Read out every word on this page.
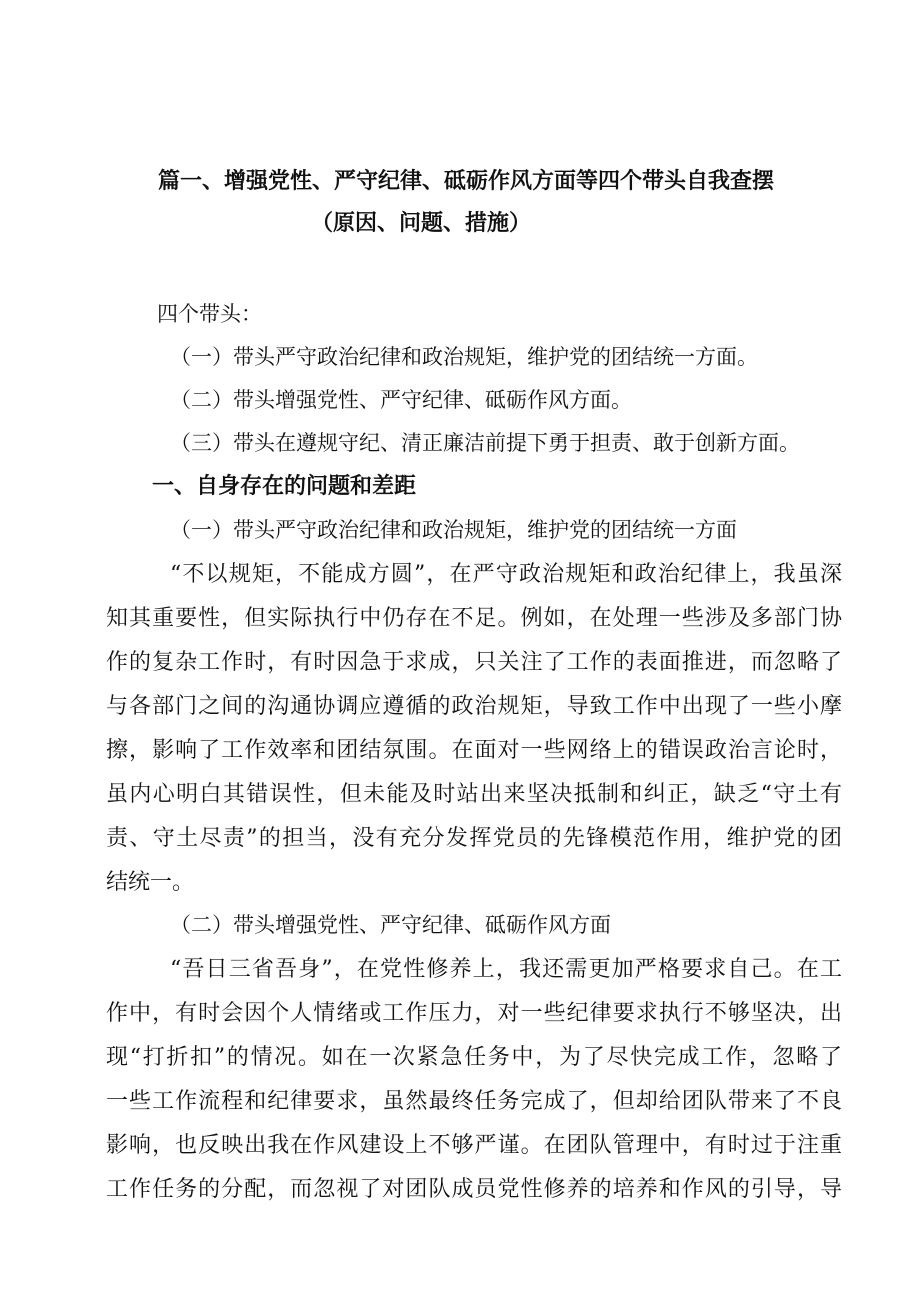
篇一、增强党性、严守纪律、砥砺作风方面等四个带头自我查摆
（原因、问题、措施）
四个带头：
（一）带头严守政治纪律和政治规矩，维护党的团结统一方面。
（二）带头增强党性、严守纪律、砥砺作风方面。
（三）带头在遵规守纪、清正廉洁前提下勇于担责、敢于创新方面。
一、自身存在的问题和差距
（一）带头严守政治纪律和政治规矩，维护党的团结统一方面
“不以规矩，不能成方圆”，在严守政治规矩和政治纪律上，我虽深
知其重要性，但实际执行中仍存在不足。例如，在处理一些涉及多部门协
作的复杂工作时，有时因急于求成，只关注了工作的表面推进，而忽略了
与各部门之间的沟通协调应遵循的政治规矩，导致工作中出现了一些小摩
擦，影响了工作效率和团结氛围。在面对一些网络上的错误政治言论时，
虽内心明白其错误性，但未能及时站出来坚决抵制和纠正，缺乏“守土有
责、守土尽责”的担当，没有充分发挥党员的先锋模范作用，维护党的团
结统一。
（二）带头增强党性、严守纪律、砥砺作风方面
“吾日三省吾身”，在党性修养上，我还需更加严格要求自己。在工
作中，有时会因个人情绪或工作压力，对一些纪律要求执行不够坚决，出
现“打折扣”的情况。如在一次紧急任务中，为了尽快完成工作，忽略了
一些工作流程和纪律要求，虽然最终任务完成了，但却给团队带来了不良
影响，也反映出我在作风建设上不够严谨。在团队管理中，有时过于注重
工作任务的分配，而忽视了对团队成员党性修养的培养和作风的引导，导
